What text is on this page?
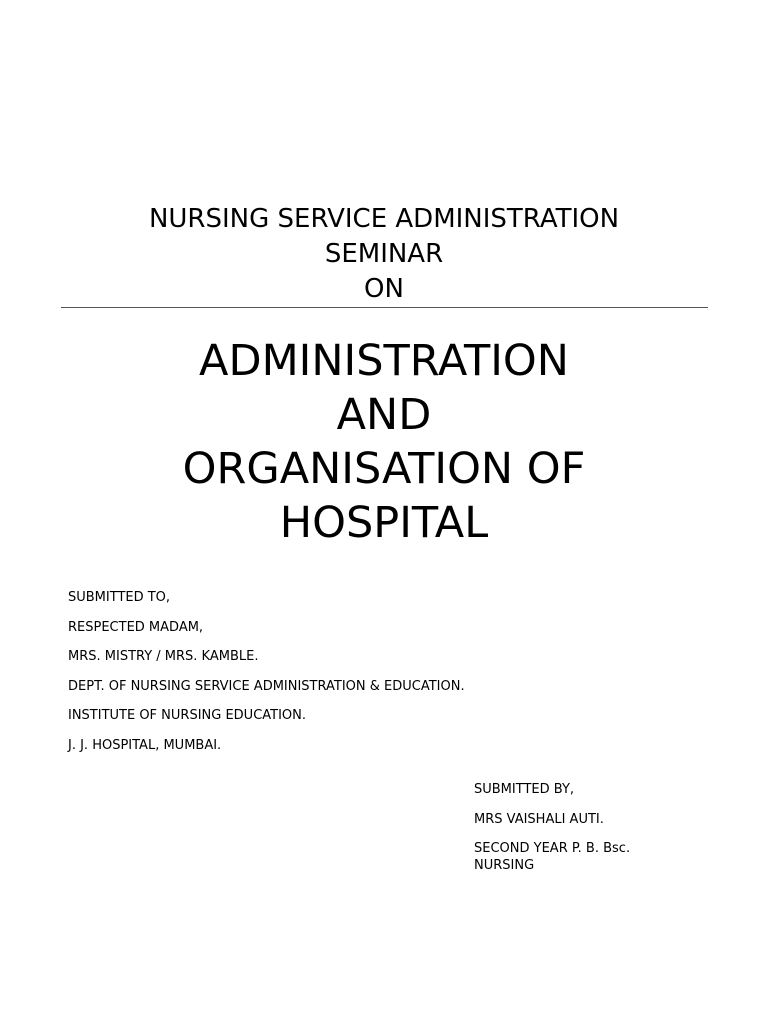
NURSING SERVICE ADMINISTRATION
SEMINAR
ON
ADMINISTRATION
AND
ORGANISATION OF
HOSPITAL
SUBMITTED TO,
RESPECTED MADAM,
MRS. MISTRY / MRS. KAMBLE.
DEPT. OF NURSING SERVICE ADMINISTRATION & EDUCATION.
INSTITUTE OF NURSING EDUCATION.
J. J. HOSPITAL, MUMBAI.
SUBMITTED BY,
MRS VAISHALI AUTI.
SECOND YEAR P. B. Bsc. NURSING
